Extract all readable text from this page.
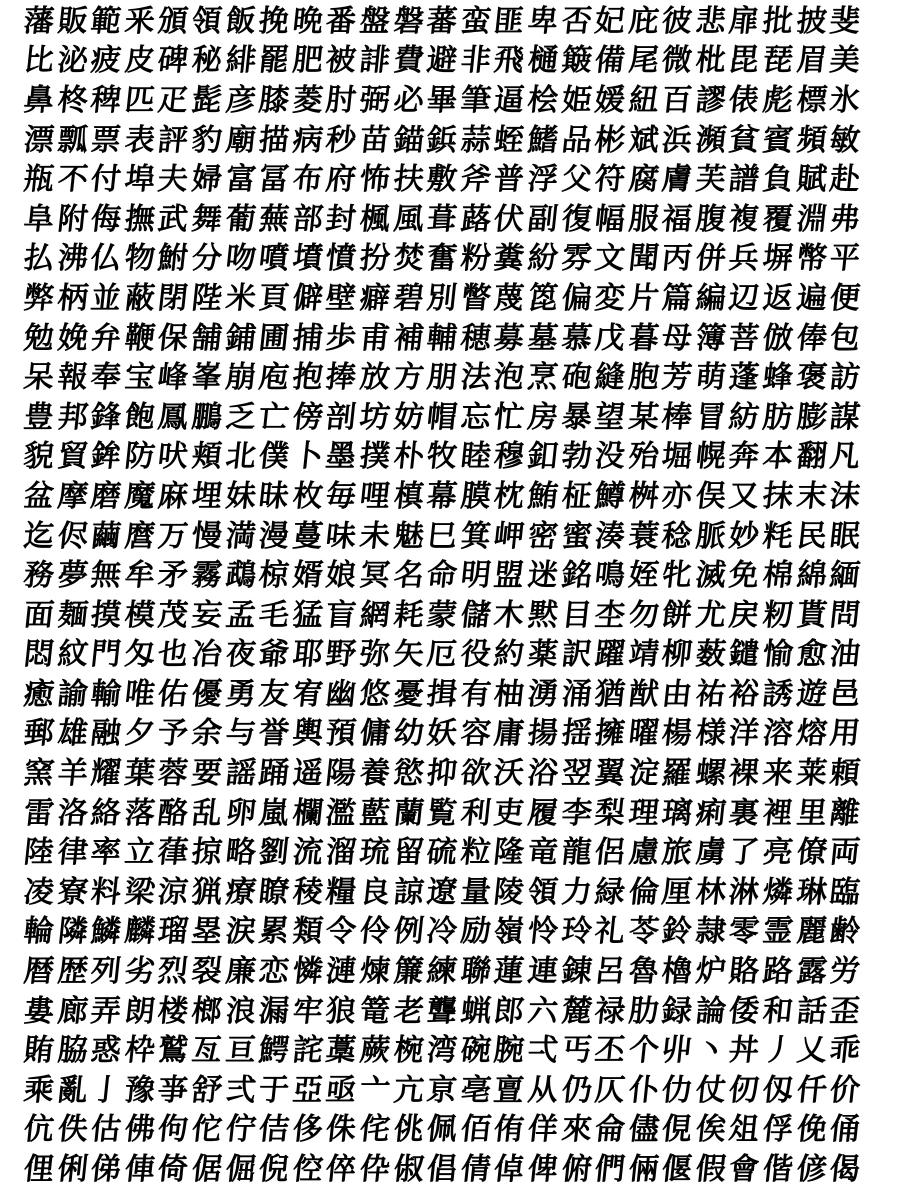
藩 販 範 釆 頒 領 飯 挽 晩 番 盤 磐 蕃 蛮 匪 卑 否 妃 庇 彼 悲 扉 批 披 斐
比 泌 疲 皮 碑 秘 緋 罷 肥 被 誹 費 避 非 飛 樋 簸 備 尾 微 枇 毘 琵 眉 美
鼻 柊 稗 匹 疋 髭 彦 膝 菱 肘 弼 必 畢 筆 逼 桧 姫 媛 紐 百 謬 俵 彪 標 氷
漂 瓢 票 表 評 豹 廟 描 病 秒 苗 錨 鋲 蒜 蛭 鰭 品 彬 斌 浜 瀕 貧 賓 頻 敏
瓶 不 付 埠 夫 婦 富 冨 布 府 怖 扶 敷 斧 普 浮 父 符 腐 膚 芙 譜 負 賦 赴
阜 附 侮 撫 武 舞 葡 蕪 部 封 楓 風 葺 蕗 伏 副 復 幅 服 福 腹 複 覆 淵 弗
払 沸 仏 物 鮒 分 吻 噴 墳 憤 扮 焚 奮 粉 糞 紛 雰 文 聞 丙 併 兵 塀 幣 平
弊 柄 並 蔽 閉 陛 米 頁 僻 壁 癖 碧 別 瞥 蔑 箆 偏 変 片 篇 編 辺 返 遍 便
勉 娩 弁 鞭 保 舗 鋪 圃 捕 歩 甫 補 輔 穂 募 墓 慕 戊 暮 母 簿 菩 倣 俸 包
呆 報 奉 宝 峰 峯 崩 庖 抱 捧 放 方 朋 法 泡 烹 砲 縫 胞 芳 萌 蓬 蜂 褒 訪
豊 邦 鋒 飽 鳳 鵬 乏 亡 傍 剖 坊 妨 帽 忘 忙 房 暴 望 某 棒 冒 紡 肪 膨 謀
貌 貿 鉾 防 吠 頬 北 僕 卜 墨 撲 朴 牧 睦 穆 釦 勃 没 殆 堀 幌 奔 本 翻 凡
盆 摩 磨 魔 麻 埋 妹 昧 枚 毎 哩 槙 幕 膜 枕 鮪 柾 鱒 桝 亦 俣 又 抹 末 沫
迄 侭 繭 麿 万 慢 満 漫 蔓 味 未 魅 巳 箕 岬 密 蜜 湊 蓑 稔 脈 妙 粍 民 眠
務 夢 無 牟 矛 霧 鵡 椋 婿 娘 冥 名 命 明 盟 迷 銘 鳴 姪 牝 滅 免 棉 綿 緬
面 麺 摸 模 茂 妄 孟 毛 猛 盲 網 耗 蒙 儲 木 黙 目 杢 勿 餅 尤 戻 籾 貰 問
悶 紋 門 匁 也 冶 夜 爺 耶 野 弥 矢 厄 役 約 薬 訳 躍 靖 柳 薮 鑓 愉 愈 油
癒 諭 輸 唯 佑 優 勇 友 宥 幽 悠 憂 揖 有 柚 湧 涌 猶 猷 由 祐 裕 誘 遊 邑
郵 雄 融 夕 予 余 与 誉 輿 預 傭 幼 妖 容 庸 揚 揺 擁 曜 楊 様 洋 溶 熔 用
窯 羊 耀 葉 蓉 要 謡 踊 遥 陽 養 慾 抑 欲 沃 浴 翌 翼 淀 羅 螺 裸 来 莱 頼
雷 洛 絡 落 酪 乱 卵 嵐 欄 濫 藍 蘭 覧 利 吏 履 李 梨 理 璃 痢 裏 裡 里 離
陸 律 率 立 葎 掠 略 劉 流 溜 琉 留 硫 粒 隆 竜 龍 侶 慮 旅 虜 了 亮 僚 両
凌 寮 料 梁 涼 猟 療 瞭 稜 糧 良 諒 遼 量 陵 領 力 緑 倫 厘 林 淋 燐 琳 臨
輪 隣 鱗 麟 瑠 塁 涙 累 類 令 伶 例 冷 励 嶺 怜 玲 礼 苓 鈴 隷 零 霊 麗 齢
暦 歴 列 劣 烈 裂 廉 恋 憐 漣 煉 簾 練 聯 蓮 連 錬 呂 魯 櫓 炉 賂 路 露 労
婁 廊 弄 朗 楼 榔 浪 漏 牢 狼 篭 老 聾 蝋 郎 六 麓 禄 肋 録 論 倭 和 話 歪
賄 脇 惑 枠 鷲 亙 亘 鰐 詫 藁 蕨 椀 湾 碗 腕 弌 丐 丕 个 丱 丶 丼 丿 乂 乖
乘 亂 亅 豫 亊 舒 弍 于 亞 亟 亠 亢 亰 亳 亶 从 仍 仄 仆 仂 仗 仞 仭 仟 价
伉 佚 估 佛 佝 佗 佇 佶 侈 侏 侘 佻 佩 佰 侑 佯 來 侖 儘 俔 俟 俎 俘 俛 俑
俚 俐 俤 俥 倚 倨 倔 倪 倥 倅 伜 俶 倡 倩 倬 俾 俯 們 倆 偃 假 會 偕 偐 偈
